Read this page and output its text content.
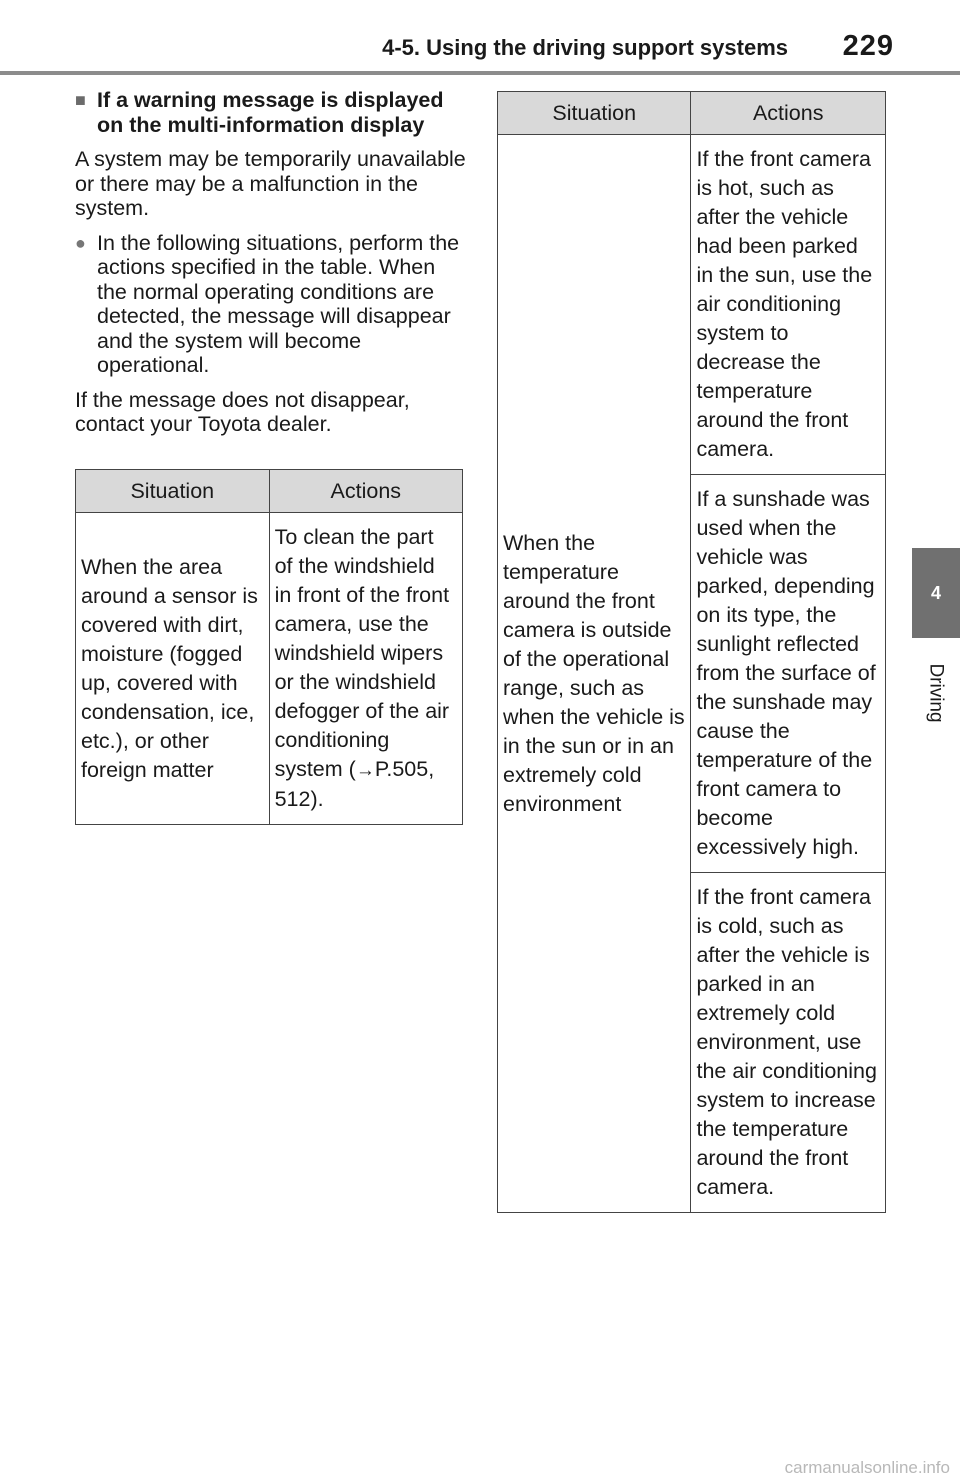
4-5. Using the driving support systems 229
4
Driving
■ If a warning message is displayed on the multi-information display

A system may be temporarily unavailable or there may be a malfunction in the system.

● In the following situations, perform the actions specified in the table. When the normal operating conditions are detected, the message will disappear and the system will become operational.

If the message does not disappear, contact your Toyota dealer.

Situation	Actions
When the area around a sensor is covered with dirt, moisture (fogged up, covered with condensation, ice, etc.), or other foreign matter	To clean the part of the windshield in front of the front camera, use the windshield wipers or the windshield defogger of the air conditioning system (→P.505, 512).
Situation	Actions
When the temperature around the front camera is outside of the operational range, such as when the vehicle is in the sun or in an extremely cold environment	If the front camera is hot, such as after the vehicle had been parked in the sun, use the air conditioning system to decrease the temperature around the front camera.
	If a sunshade was used when the vehicle was parked, depending on its type, the sunlight reflected from the surface of the sunshade may cause the temperature of the front camera to become excessively high.
	If the front camera is cold, such as after the vehicle is parked in an extremely cold environment, use the air conditioning system to increase the temperature around the front camera.
carmanualsonline.info
